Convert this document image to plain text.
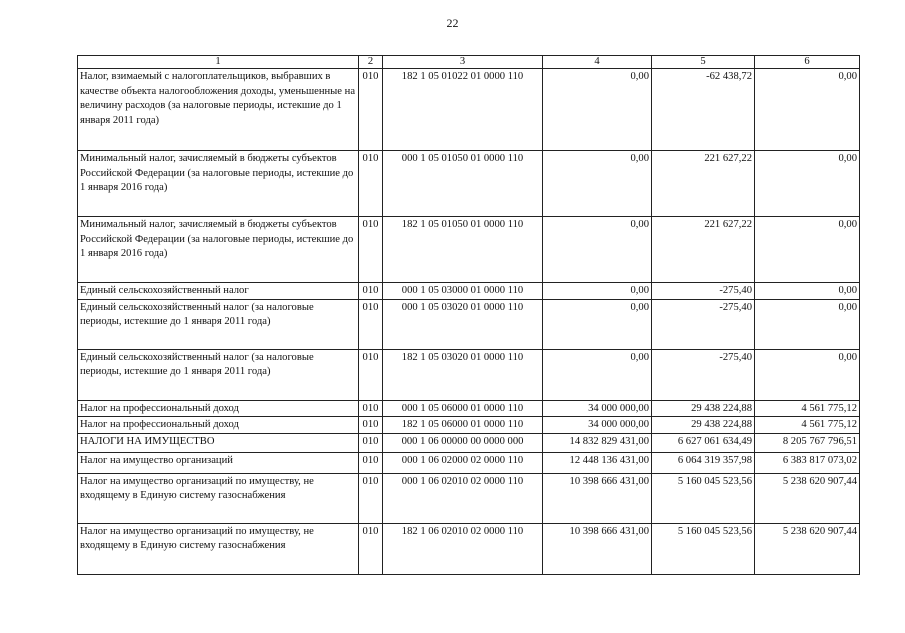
22
1	2	3	4	5	6
Налог, взимаемый с налогоплательщиков, выбравших в качестве объекта налогообложения доходы, уменьшенные на величину расходов (за налоговые периоды, истекшие до 1 января 2011 года)	010	182 1 05 01022 01 0000 110	0,00	-62 438,72	0,00
Минимальный налог, зачисляемый в бюджеты субъектов Российской Федерации (за налоговые периоды, истекшие до 1 января 2016 года)	010	000 1 05 01050 01 0000 110	0,00	221 627,22	0,00
Минимальный налог, зачисляемый в бюджеты субъектов Российской Федерации (за налоговые периоды, истекшие до 1 января 2016 года)	010	182 1 05 01050 01 0000 110	0,00	221 627,22	0,00
Единый сельскохозяйственный налог	010	000 1 05 03000 01 0000 110	0,00	-275,40	0,00
Единый сельскохозяйственный налог (за налоговые периоды, истекшие до 1 января 2011 года)	010	000 1 05 03020 01 0000 110	0,00	-275,40	0,00
Единый сельскохозяйственный налог (за налоговые периоды, истекшие до 1 января 2011 года)	010	182 1 05 03020 01 0000 110	0,00	-275,40	0,00
Налог на профессиональный доход	010	000 1 05 06000 01 0000 110	34 000 000,00	29 438 224,88	4 561 775,12
Налог на профессиональный доход	010	182 1 05 06000 01 0000 110	34 000 000,00	29 438 224,88	4 561 775,12
НАЛОГИ НА ИМУЩЕСТВО	010	000 1 06 00000 00 0000 000	14 832 829 431,00	6 627 061 634,49	8 205 767 796,51
Налог на имущество организаций	010	000 1 06 02000 02 0000 110	12 448 136 431,00	6 064 319 357,98	6 383 817 073,02
Налог на имущество организаций по имуществу, не входящему в Единую систему газоснабжения	010	000 1 06 02010 02 0000 110	10 398 666 431,00	5 160 045 523,56	5 238 620 907,44
Налог на имущество организаций по имуществу, не входящему в Единую систему газоснабжения	010	182 1 06 02010 02 0000 110	10 398 666 431,00	5 160 045 523,56	5 238 620 907,44
